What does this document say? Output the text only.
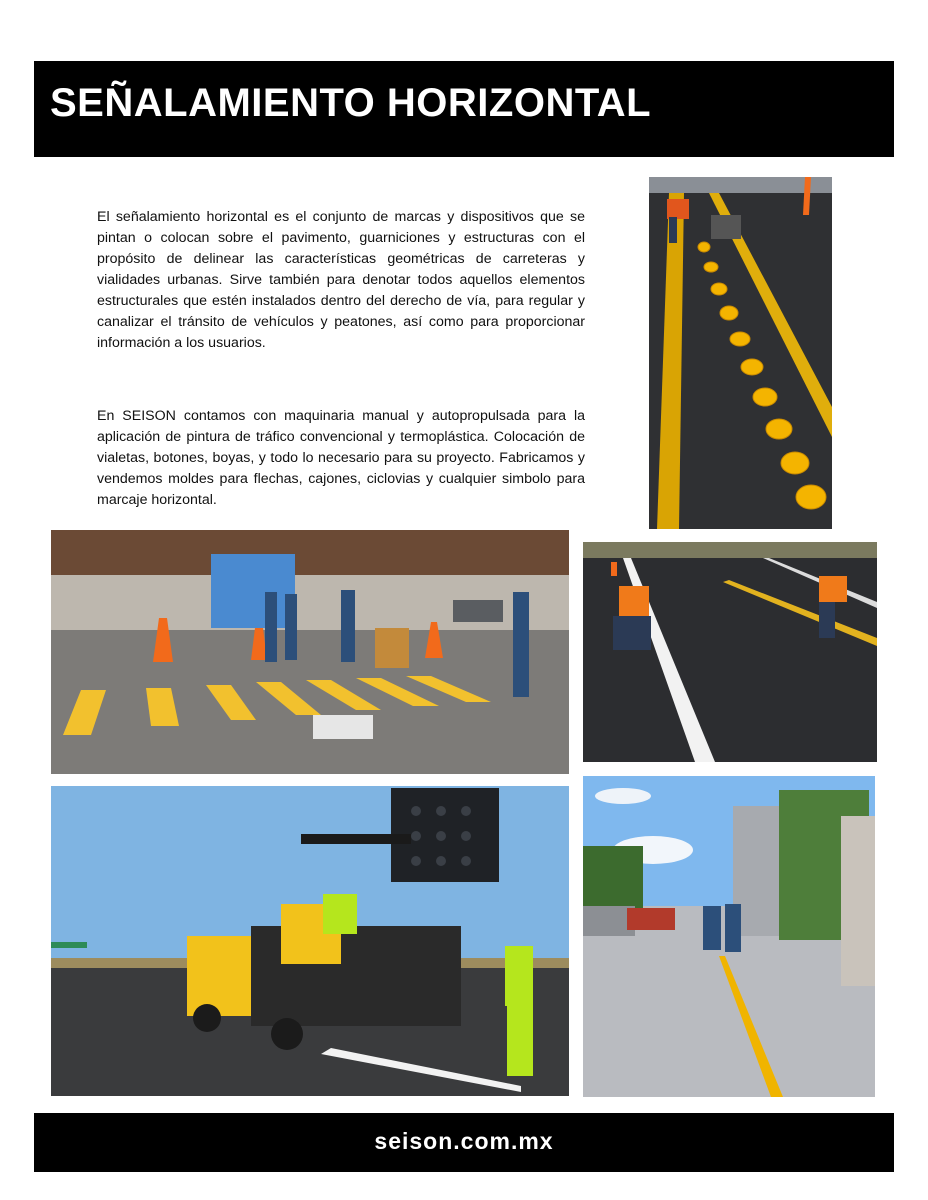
SEÑALAMIENTO HORIZONTAL

El señalamiento horizontal es el conjunto de marcas y dispositivos que se pintan o colocan sobre el pavimento, guarniciones y estructuras con el propósito de delinear las características geométricas de carreteras y vialidades urbanas. Sirve también para denotar todos aquellos elementos estructurales que estén instalados dentro del derecho de vía, para regular y canalizar el tránsito de vehículos y peatones, así como para proporcionar información a los usuarios.

En SEISON contamos con maquinaria manual y autopropulsada para la aplicación de pintura de tráfico convencional y termoplástica. Colocación de vialetas, botones, boyas, y todo lo necesario para su proyecto. Fabricamos y vendemos moldes para flechas, cajones, ciclovias y cualquier simbolo para marcaje horizontal.

seison.com.mx
